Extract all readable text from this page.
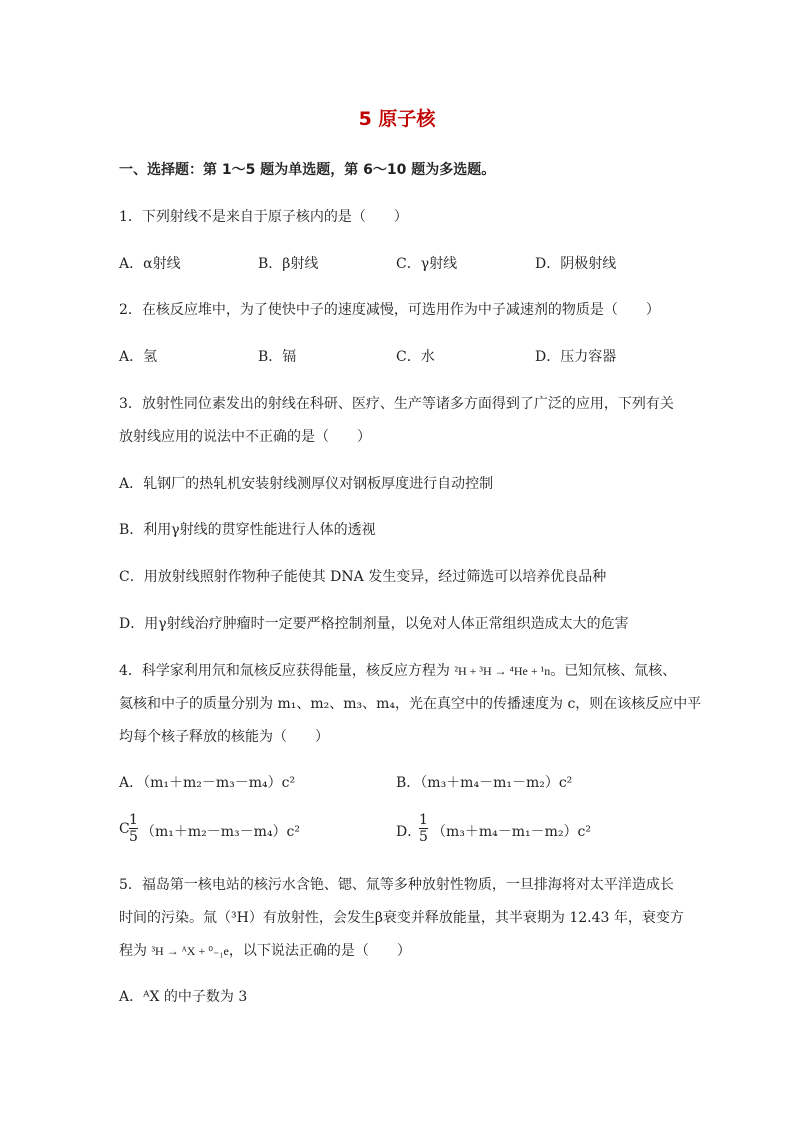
5 原子核
一、选择题：第 1～5 题为单选题，第 6～10 题为多选题。
1．下列射线不是来自于原子核内的是（　　）
A．α射线	B．β射线	C．γ射线	D．阴极射线
2．在核反应堆中，为了使快中子的速度减慢，可选用作为中子减速剂的物质是（　　）
A．氢	B．镉	C．水	D．压力容器
3．放射性同位素发出的射线在科研、医疗、生产等诸多方面得到了广泛的应用，下列有关
放射线应用的说法中不正确的是（　　）
A．轧钢厂的热轧机安装射线测厚仪对钢板厚度进行自动控制
B．利用γ射线的贯穿性能进行人体的透视
C．用放射线照射作物种子能使其 DNA 发生变异，经过筛选可以培养优良品种
D．用γ射线治疗肿瘤时一定要严格控制剂量，以免对人体正常组织造成太大的危害
4．科学家利用氘和氚核反应获得能量，核反应方程为 ²H + ³H → ⁴He + ¹n。已知氘核、氚核、
氦核和中子的质量分别为 m₁、m₂、m₃、m₄，光在真空中的传播速度为 c，则在该核反应中平
均每个核子释放的核能为（　　）
A．（m₁＋m₂－m₃－m₄）c²	B．（m₃＋m₄－m₁－m₂）c²
C
1
5 （m₁＋m₂－m₃－m₄）c²	D．
1
5 （m₃＋m₄－m₁－m₂）c²
5．福岛第一核电站的核污水含铯、锶、氚等多种放射性物质，一旦排海将对太平洋造成长
时间的污染。氚（³H）有放射性，会发生β衰变并释放能量，其半衰期为 12.43 年，衰变方
程为 ³H → ᴬX + ⁰₋₁e，以下说法正确的是（　　）
A．ᴬX 的中子数为 3
